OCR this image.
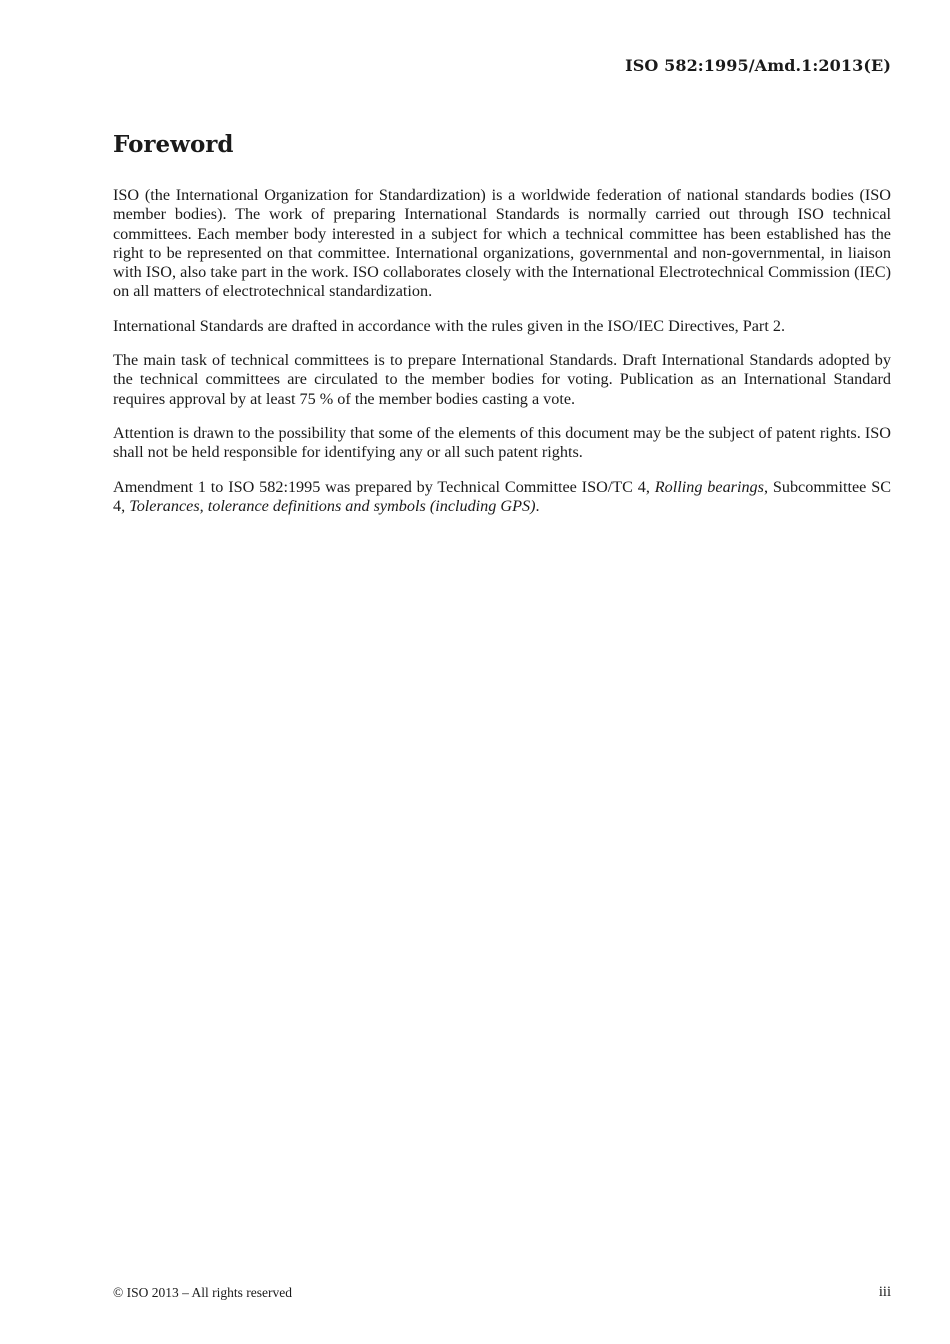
ISO 582:1995/Amd.1:2013(E)
Foreword

ISO (the International Organization for Standardization) is a worldwide federation of national standards bodies (ISO member bodies). The work of preparing International Standards is normally carried out through ISO technical committees. Each member body interested in a subject for which a technical committee has been established has the right to be represented on that committee. International organizations, governmental and non-governmental, in liaison with ISO, also take part in the work. ISO collaborates closely with the International Electrotechnical Commission (IEC) on all matters of electrotechnical standardization.

International Standards are drafted in accordance with the rules given in the ISO/IEC Directives, Part 2.

The main task of technical committees is to prepare International Standards. Draft International Standards adopted by the technical committees are circulated to the member bodies for voting. Publication as an International Standard requires approval by at least 75 % of the member bodies casting a vote.

Attention is drawn to the possibility that some of the elements of this document may be the subject of patent rights. ISO shall not be held responsible for identifying any or all such patent rights.

Amendment 1 to ISO 582:1995 was prepared by Technical Committee ISO/TC 4, Rolling bearings, Subcommittee SC 4, Tolerances, tolerance definitions and symbols (including GPS).

© ISO 2013 – All rights reserved	iii
